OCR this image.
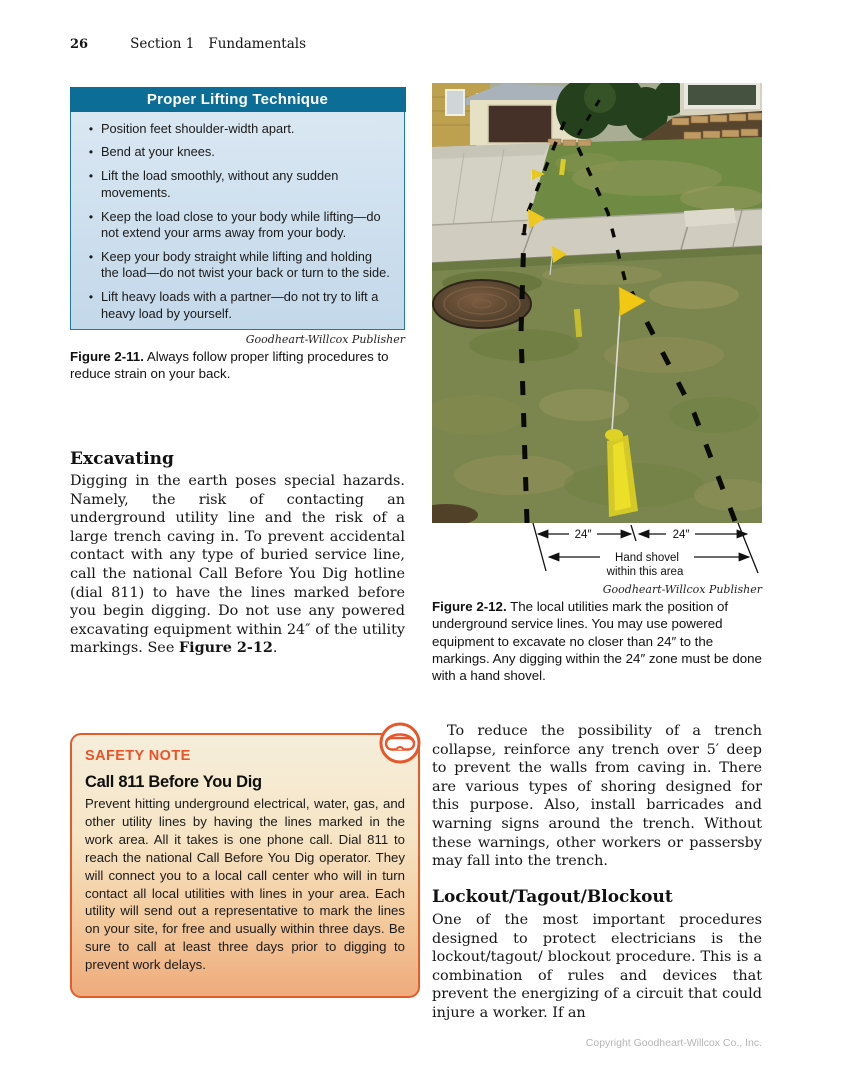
26	Section 1 Fundamentals
Proper Lifting Technique
• Position feet shoulder-width apart.
• Bend at your knees.
• Lift the load smoothly, without any sudden movements.
• Keep the load close to your body while lifting—do not extend your arms away from your body.
• Keep your body straight while lifting and holding the load—do not twist your back or turn to the side.
• Lift heavy loads with a partner—do not try to lift a heavy load by yourself.
Goodheart-Willcox Publisher
Figure 2-11. Always follow proper lifting procedures to reduce strain on your back.
Excavating

Digging in the earth poses special hazards. Namely, the risk of contacting an underground utility line and the risk of a large trench caving in. To prevent accidental contact with any type of buried service line, call the national Call Before You Dig hotline (dial 811) to have the lines marked before you begin digging. Do not use any powered excavating equipment within 24″ of the utility markings. See Figure 2-12.

24″	24″
Hand shovel
within this area
Goodheart-Willcox Publisher
Figure 2-12. The local utilities mark the position of underground service lines. You may use powered equipment to excavate no closer than 24″ to the markings. Any digging within the 24″ zone must be done with a hand shovel.
SAFETY NOTE
Call 811 Before You Dig
Prevent hitting underground electrical, water, gas, and other utility lines by having the lines marked in the work area. All it takes is one phone call. Dial 811 to reach the national Call Before You Dig operator. They will connect you to a local call center who will in turn contact all local utilities with lines in your area. Each utility will send out a representative to mark the lines on your site, for free and usually within three days. Be sure to call at least three days prior to digging to prevent work delays.

To reduce the possibility of a trench collapse, reinforce any trench over 5′ deep to prevent the walls from caving in. There are various types of shoring designed for this purpose. Also, install barricades and warning signs around the trench. Without these warnings, other workers or passersby may fall into the trench.

Lockout/Tagout/Blockout

One of the most important procedures designed to protect electricians is the lockout/tagout/ blockout procedure. This is a combination of rules and devices that prevent the energizing of a circuit that could injure a worker. If an

Copyright Goodheart-Willcox Co., Inc.
